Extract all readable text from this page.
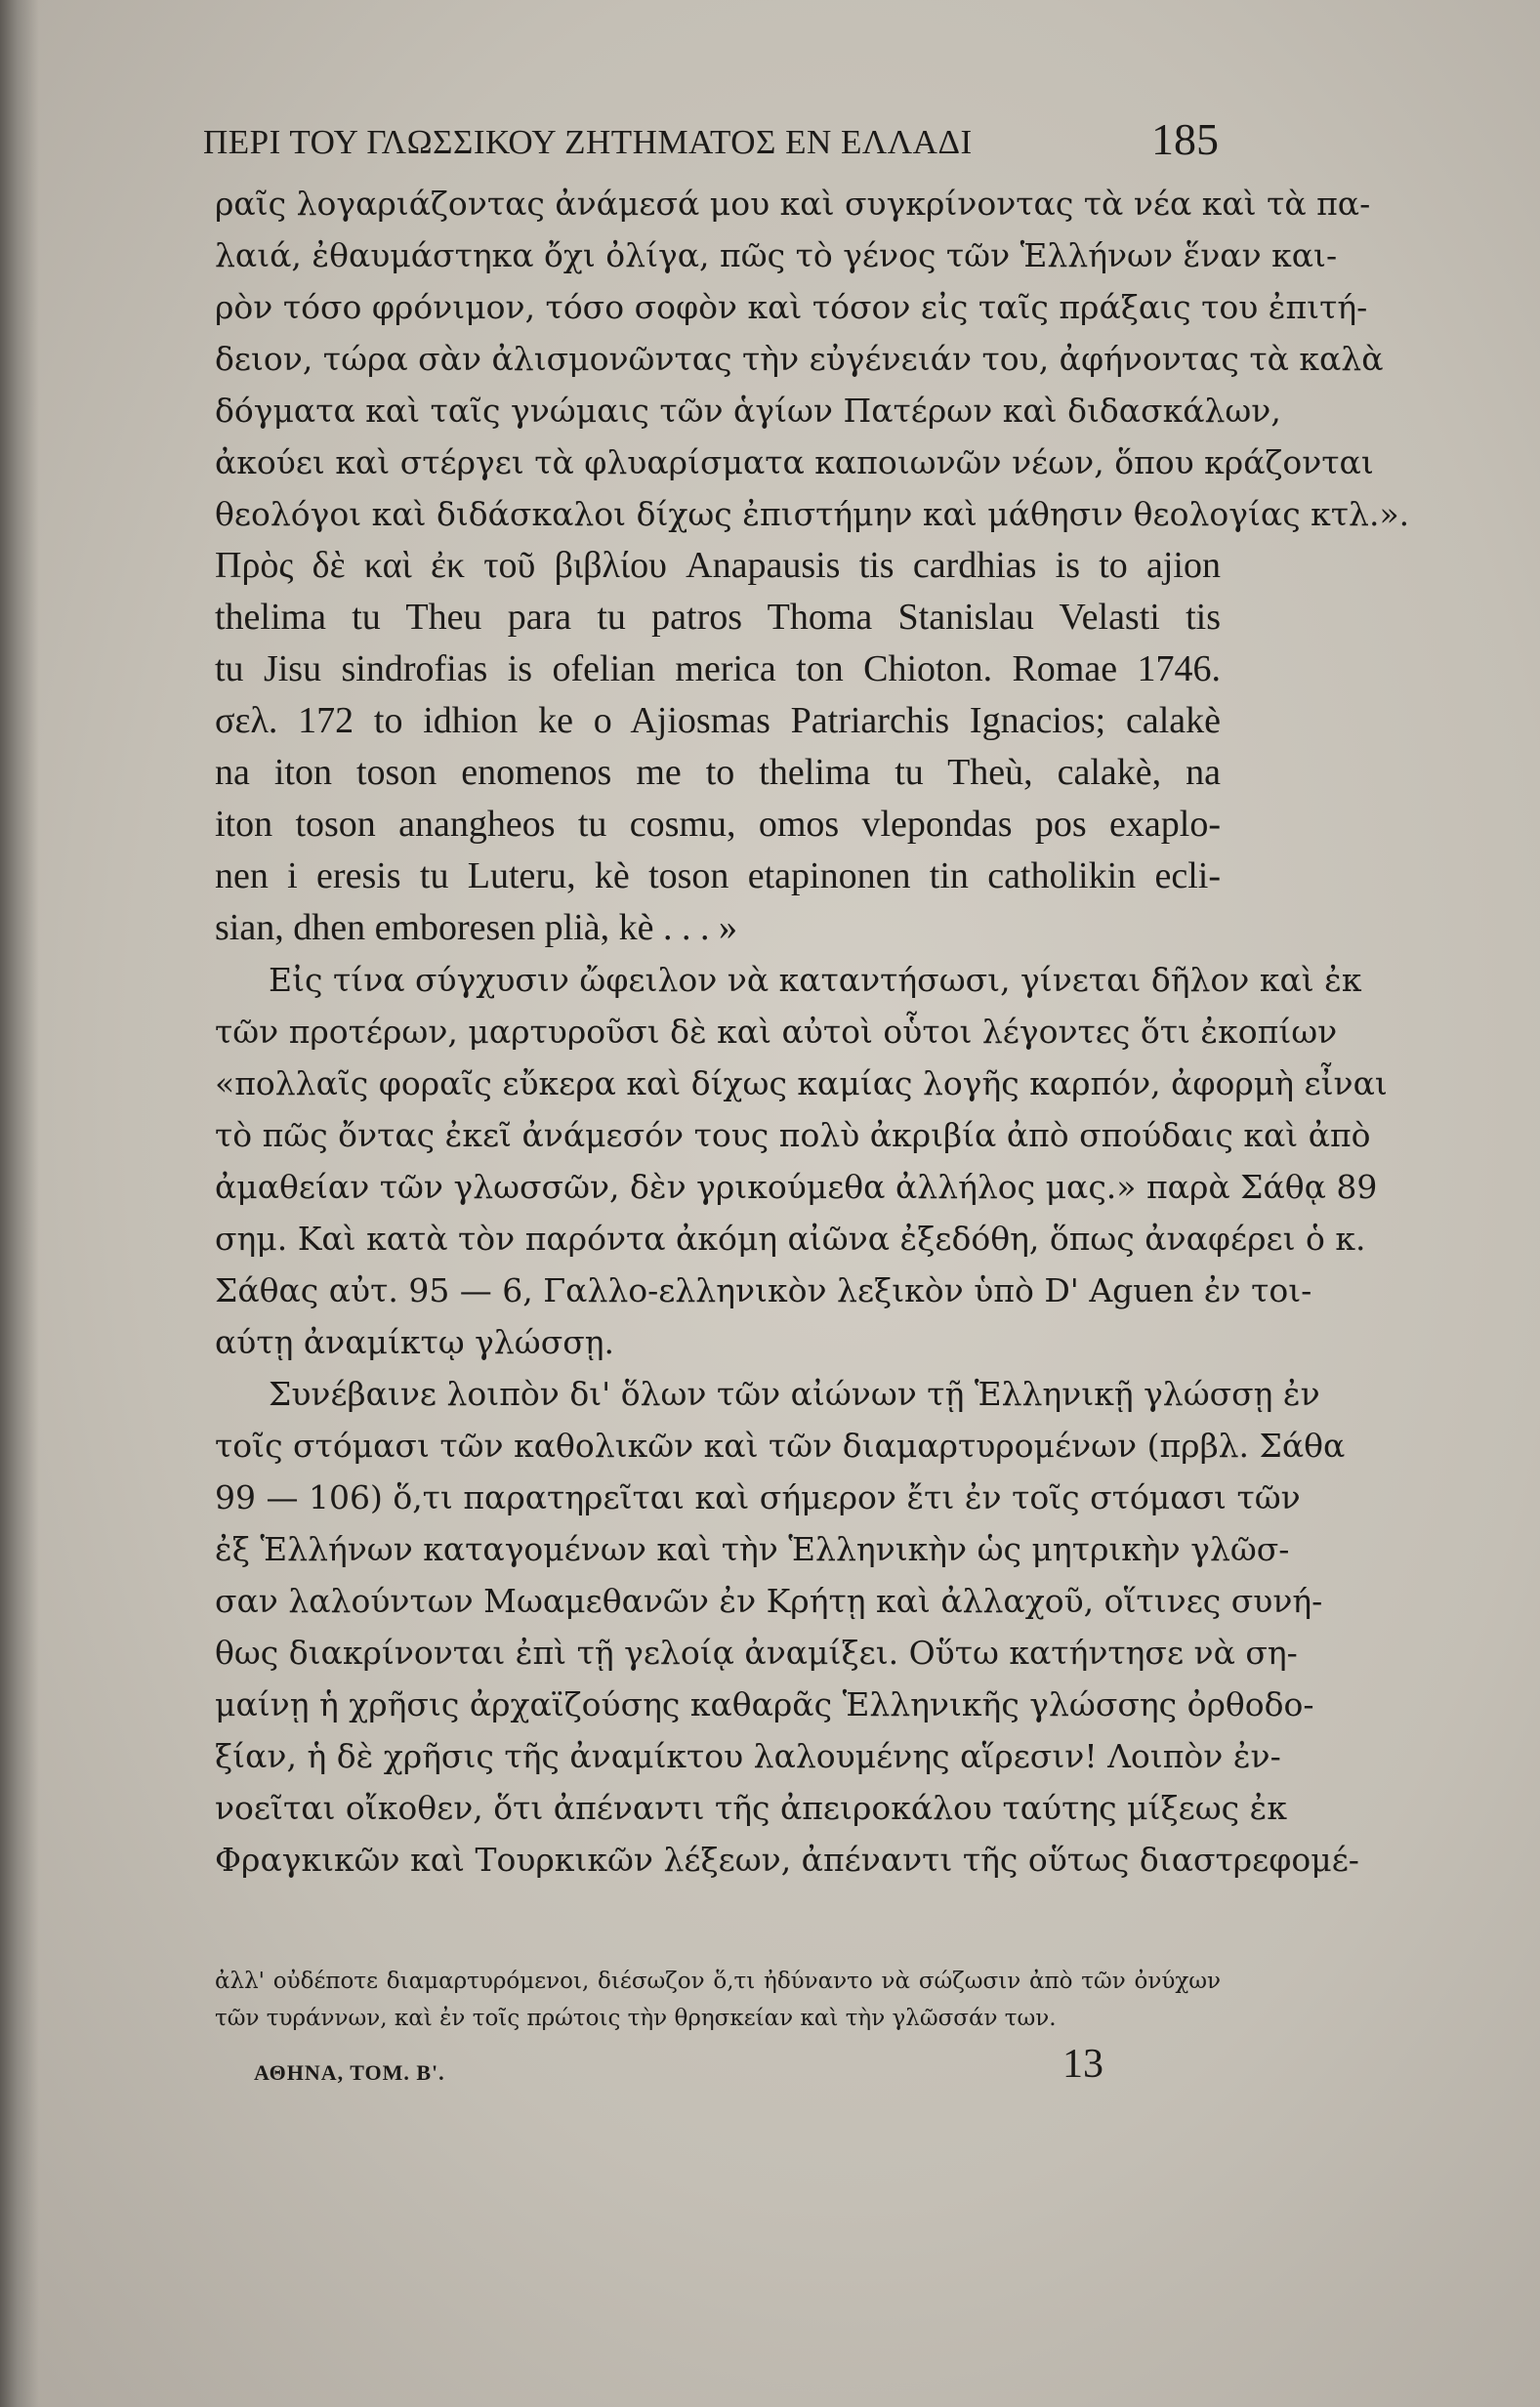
ΠΕΡΙ ΤΟΥ ΓΛΩΣΣΙΚΟΥ ΖΗΤΗΜΑΤΟΣ ΕΝ ΕΛΛΑΔΙ	185
ραῖς λογαριάζοντας ἀνάμεσά μου καὶ συγκρίνοντας τὰ νέα καὶ τὰ πα-
λαιά, ἐθαυμάστηκα ὄχι ὀλίγα, πῶς τὸ γένος τῶν Ἑλλήνων ἕναν και-
ρὸν τόσο φρόνιμον, τόσο σοφὸν καὶ τόσον εἰς ταῖς πράξαις του ἐπιτή-
δειον, τώρα σὰν ἀλισμονῶντας τὴν εὐγένειάν του, ἀφήνοντας τὰ καλὰ
δόγματα καὶ ταῖς γνώμαις τῶν ἁγίων Πατέρων καὶ διδασκάλων,
ἀκούει καὶ στέργει τὰ φλυαρίσματα καποιωνῶν νέων, ὅπου κράζονται
θεολόγοι καὶ διδάσκαλοι δίχως ἐπιστήμην καὶ μάθησιν θεολογίας κτλ.».
Πρὸς δὲ καὶ ἐκ τοῦ βιβλίου Anapausis tis cardhias is to ajion
thelima tu Theu para tu patros Thoma Stanislau Velasti tis
tu Jisu sindrofias is ofelian merica ton Chioton. Romae 1746.
σελ. 172 to idhion ke o Ajiosmas Patriarchis Ignacios; calakè
na iton toson enomenos me to thelima tu Theù, calakè, na
iton toson anangheos tu cosmu, omos vlepondas pos exaplo-
nen i eresis tu Luteru, kè toson etapinonen tin catholikin ecli-
sian, dhen emboresen plià, kè . . . »
Εἰς τίνα σύγχυσιν ὤφειλον νὰ καταντήσωσι, γίνεται δῆλον καὶ ἐκ
τῶν προτέρων, μαρτυροῦσι δὲ καὶ αὐτοὶ οὗτοι λέγοντες ὅτι ἐκοπίων
«πολλαῖς φοραῖς εὔκερα καὶ δίχως καμίας λογῆς καρπόν, ἀφορμὴ εἶναι
τὸ πῶς ὄντας ἐκεῖ ἀνάμεσόν τους πολὺ ἀκριβία ἀπὸ σπούδαις καὶ ἀπὸ
ἀμαθείαν τῶν γλωσσῶν, δὲν γρικούμεθα ἀλλήλος μας.» παρὰ Σάθᾳ 89
σημ. Καὶ κατὰ τὸν παρόντα ἀκόμη αἰῶνα ἐξεδόθη, ὅπως ἀναφέρει ὁ κ.
Σάθας αὐτ. 95 — 6, Γαλλο-ελληνικὸν λεξικὸν ὑπὸ D' Aguen ἐν τοι-
αύτῃ ἀναμίκτῳ γλώσσῃ.
Συνέβαινε λοιπὸν δι' ὅλων τῶν αἰώνων τῇ Ἑλληνικῇ γλώσσῃ ἐν
τοῖς στόμασι τῶν καθολικῶν καὶ τῶν διαμαρτυρομένων (πρβλ. Σάθα
99 — 106) ὅ,τι παρατηρεῖται καὶ σήμερον ἔτι ἐν τοῖς στόμασι τῶν
ἐξ Ἑλλήνων καταγομένων καὶ τὴν Ἑλληνικὴν ὡς μητρικὴν γλῶσ-
σαν λαλούντων Μωαμεθανῶν ἐν Κρήτῃ καὶ ἀλλαχοῦ, οἵτινες συνή-
θως διακρίνονται ἐπὶ τῇ γελοίᾳ ἀναμίξει. Οὕτω κατήντησε νὰ ση-
μαίνῃ ἡ χρῆσις ἀρχαϊζούσης καθαρᾶς Ἑλληνικῆς γλώσσης ὀρθοδο-
ξίαν, ἡ δὲ χρῆσις τῆς ἀναμίκτου λαλουμένης αἵρεσιν! Λοιπὸν ἐν-
νοεῖται οἴκοθεν, ὅτι ἀπέναντι τῆς ἀπειροκάλου ταύτης μίξεως ἐκ
Φραγκικῶν καὶ Τουρκικῶν λέξεων, ἀπέναντι τῆς οὕτως διαστρεφομέ-
ἀλλ' οὐδέποτε διαμαρτυρόμενοι, διέσωζον ὅ,τι ἠδύναντο νὰ σώζωσιν ἀπὸ τῶν ὀνύχων
τῶν τυράννων, καὶ ἐν τοῖς πρώτοις τὴν θρησκείαν καὶ τὴν γλῶσσάν των.
ΑΘΗΝΑ, ΤΟΜ. Β'.	13
